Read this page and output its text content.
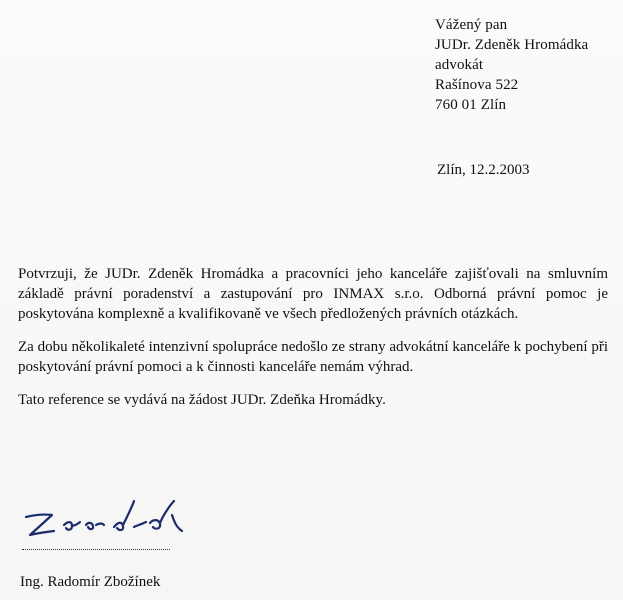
Vážený pan
JUDr. Zdeněk Hromádka
advokát
Rašínova 522
760 01 Zlín
Zlín, 12.2.2003

Potvrzuji, že JUDr. Zdeněk Hromádka a pracovníci jeho kanceláře zajišťovali na smluvním základě právní poradenství a zastupování pro INMAX s.r.o. Odborná právní pomoc je poskytována komplexně a kvalifikovaně ve všech předložených právních otázkách.

Za dobu několikaleté intenzivní spolupráce nedošlo ze strany advokátní kanceláře k pochybení při poskytování právní pomoci a k činnosti kanceláře nemám výhrad.

Tato reference se vydává na žádost JUDr. Zdeňka Hromádky.

Ing. Radomír Zbožínek
